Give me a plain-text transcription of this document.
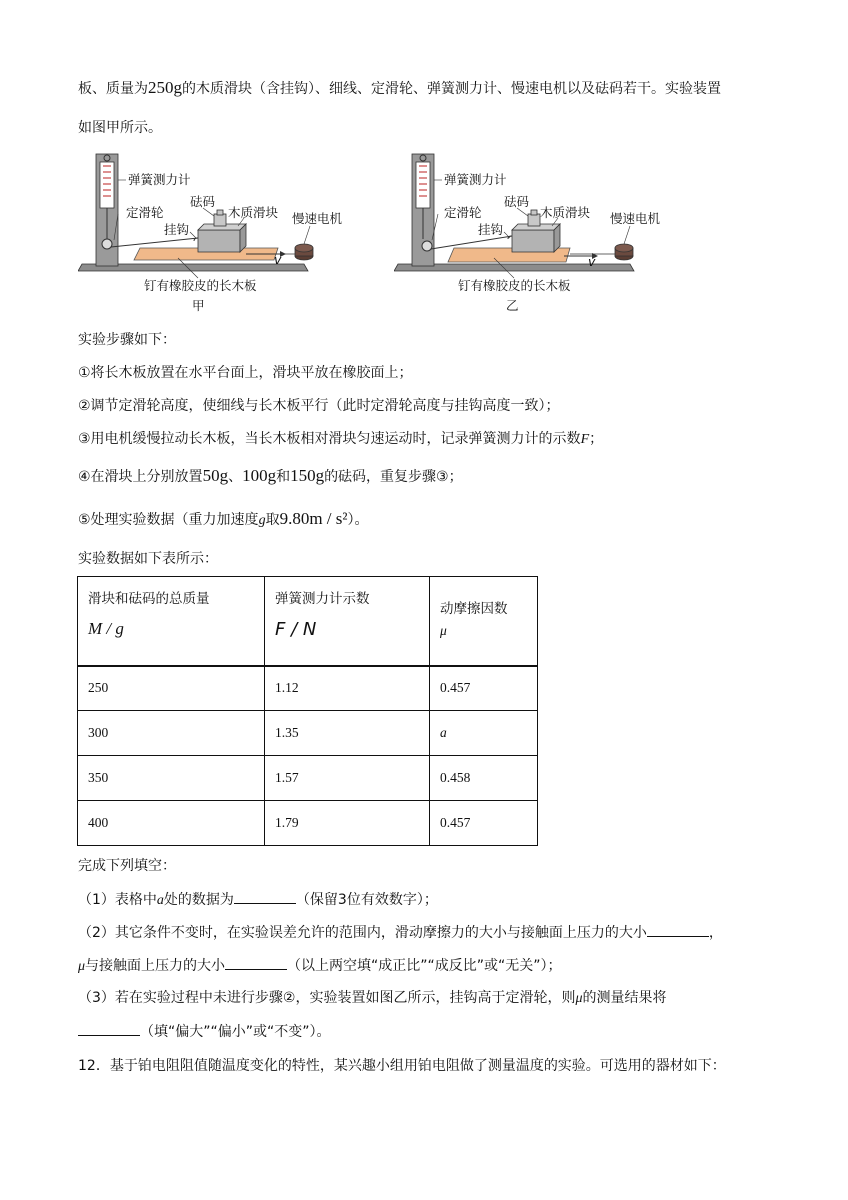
板、质量为250g的木质滑块（含挂钩）、细线、定滑轮、弹簧测力计、慢速电机以及砝码若干。实验装置
如图甲所示。
弹簧测力计
砝码
定滑轮	木质滑块 慢速电机
挂钩
v
钉有橡胶皮的长木板
甲
弹簧测力计
砝码
定滑轮	木质滑块 慢速电机
挂钩
v
钉有橡胶皮的长木板
乙
实验步骤如下：
①将长木板放置在水平台面上，滑块平放在橡胶面上；
②调节定滑轮高度，使细线与长木板平行（此时定滑轮高度与挂钩高度一致）；
③用电机缓慢拉动长木板，当长木板相对滑块匀速运动时，记录弹簧测力计的示数F；
④在滑块上分别放置50g、100g和150g的砝码，重复步骤③；
⑤处理实验数据（重力加速度g取9.80m / s²）。
实验数据如下表所示：
滑块和砝码的总质量
M / g	弹簧测力计示数
F / N	动摩擦因数
μ

250	1.12	0.457
300	1.35	a
350	1.57	0.458
400	1.79	0.457
完成下列填空：
（1）表格中a处的数据为	（保留3位有效数字）；
（2）其它条件不变时，在实验误差允许的范围内，滑动摩擦力的大小与接触面上压力的大小	，
μ与接触面上压力的大小	（以上两空填“成正比”“成反比”或“无关”）；
（3）若在实验过程中未进行步骤②，实验装置如图乙所示，挂钩高于定滑轮，则μ的测量结果将
（填“偏大”“偏小”或“不变”）。
12．基于铂电阻阻值随温度变化的特性，某兴趣小组用铂电阻做了测量温度的实验。可选用的器材如下：
